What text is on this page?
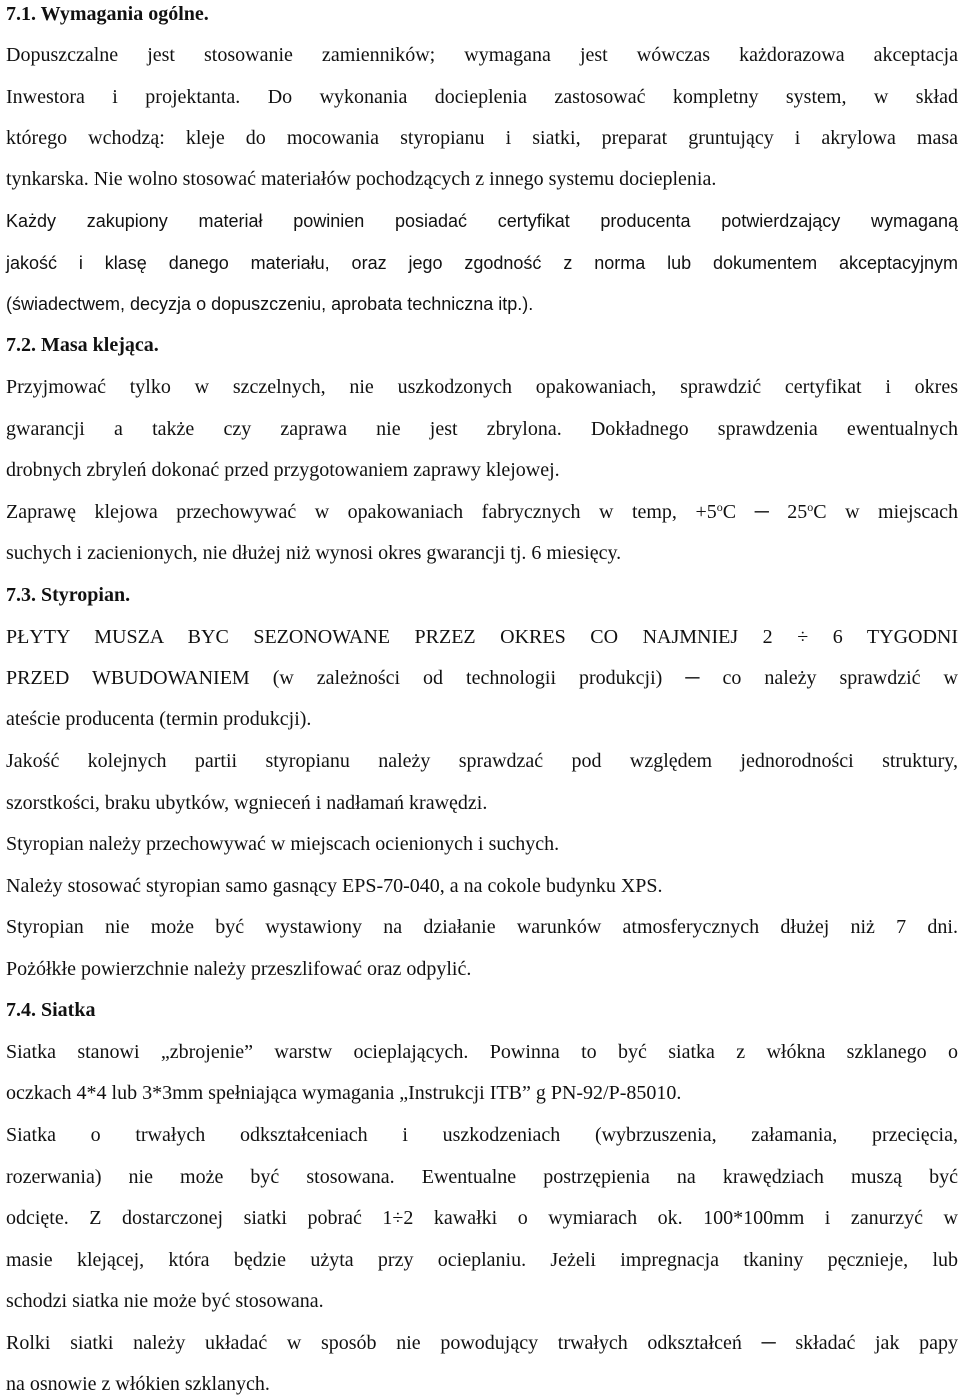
7.1. Wymagania ogólne.
Dopuszczalne jest stosowanie zamienników; wymagana jest wówczas każdorazowa akceptacja
Inwestora i projektanta. Do wykonania docieplenia zastosować kompletny system, w skład
którego wchodzą: kleje do mocowania styropianu i siatki, preparat gruntujący i akrylowa masa
tynkarska. Nie wolno stosować materiałów pochodzących z innego systemu docieplenia.
Każdy zakupiony materiał powinien posiadać certyfikat producenta potwierdzający wymaganą
jakość i klasę danego materiału, oraz jego zgodność z norma lub dokumentem akceptacyjnym
(świadectwem, decyzja o dopuszczeniu, aprobata techniczna itp.).
7.2. Masa klejąca.
Przyjmować tylko w szczelnych, nie uszkodzonych opakowaniach, sprawdzić certyfikat i okres
gwarancji a także czy zaprawa nie jest zbrylona. Dokładnego sprawdzenia ewentualnych
drobnych zbryleń dokonać przed przygotowaniem zaprawy klejowej.
Zaprawę klejowa przechowywać w opakowaniach fabrycznych w temp, $+5^oC$ ─ 25$^o$C w miejscach
suchych i zacienionych, nie dłużej niż wynosi okres gwarancji tj. 6 miesięcy.
7.3. Styropian.
PŁYTY MUSZA BYC SEZONOWANE PRZEZ OKRES CO NAJMNIEJ 2 ÷ 6 TYGODNI
PRZED WBUDOWANIEM (w zależności od technologii produkcji) ─ co należy sprawdzić w
ateście producenta (termin produkcji).
Jakość kolejnych partii styropianu należy sprawdzać pod względem jednorodności struktury,
szorstkości, braku ubytków, wgnieceń i nadłamań krawędzi.
Styropian należy przechowywać w miejscach ocienionych i suchych.
Należy stosować styropian samo gasnący EPS-70-040, a na cokole budynku XPS.
Styropian nie może być wystawiony na działanie warunków atmosferycznych dłużej niż 7 dni.
Pożółkłe powierzchnie należy przeszlifować oraz odpylić.
7.4. Siatka
Siatka stanowi „zbrojenie” warstw ocieplających. Powinna to być siatka z włókna szklanego o
oczkach 4*4 lub 3*3mm spełniająca wymagania „Instrukcji ITB” g PN-92/P-85010.
Siatka o trwałych odkształceniach i uszkodzeniach (wybrzuszenia, załamania, przecięcia,
rozerwania) nie może być stosowana. Ewentualne postrzępienia na krawędziach muszą być
odcięte. Z dostarczonej siatki pobrać 1÷2 kawałki o wymiarach ok. 100*100mm i zanurzyć w
masie klejącej, która będzie użyta przy ocieplaniu. Jeżeli impregnacja tkaniny pęcznieje, lub
schodzi siatka nie może być stosowana.
Rolki siatki należy układać w sposób nie powodujący trwałych odkształceń ─ składać jak papy
na osnowie z włókien szklanych.
